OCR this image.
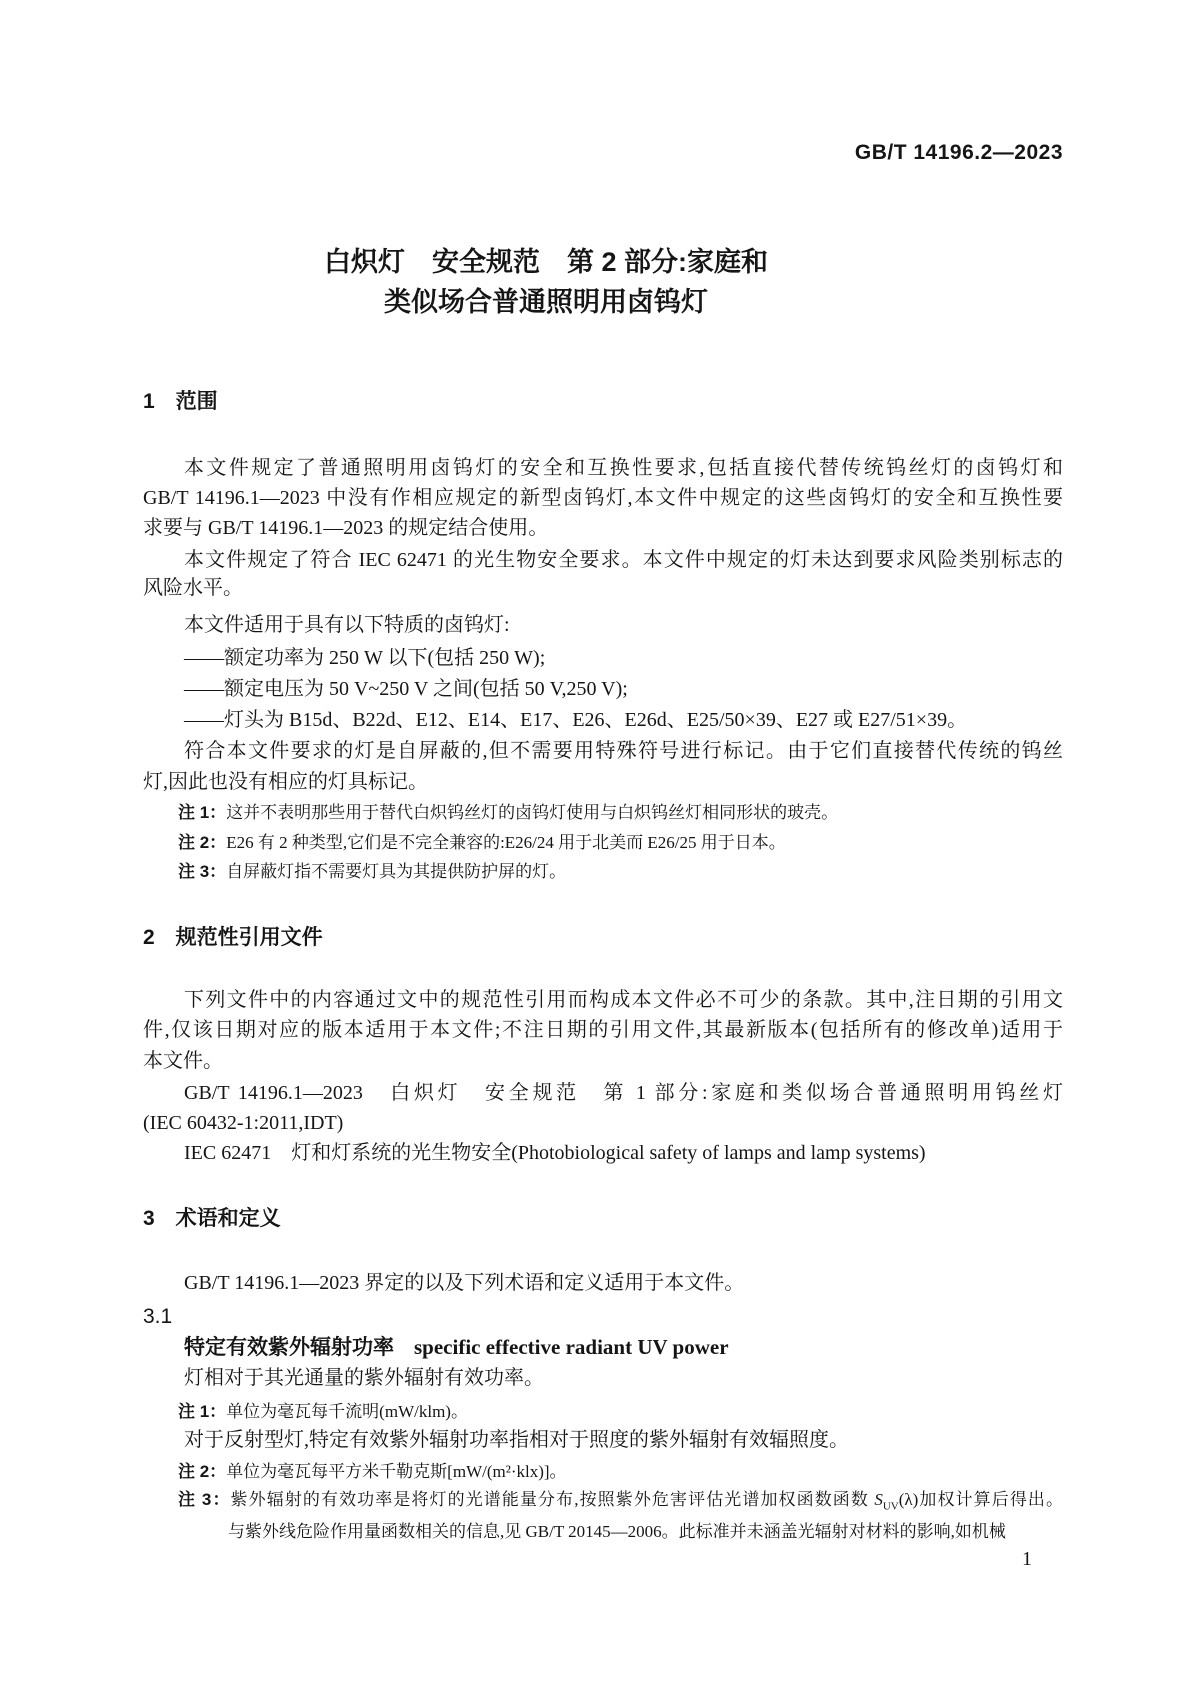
GB/T 14196.2—2023
白炽灯　安全规范　第 2 部分:家庭和
类似场合普通照明用卤钨灯
1　范围
本文件规定了普通照明用卤钨灯的安全和互换性要求,包括直接代替传统钨丝灯的卤钨灯和
GB/T 14196.1—2023 中没有作相应规定的新型卤钨灯,本文件中规定的这些卤钨灯的安全和互换性要
求要与 GB/T 14196.1—2023 的规定结合使用。
本文件规定了符合 IEC 62471 的光生物安全要求。本文件中规定的灯未达到要求风险类别标志的
风险水平。
本文件适用于具有以下特质的卤钨灯:
——额定功率为 250 W 以下(包括 250 W);
——额定电压为 50 V~250 V 之间(包括 50 V,250 V);
——灯头为 B15d、B22d、E12、E14、E17、E26、E26d、E25/50×39、E27 或 E27/51×39。
符合本文件要求的灯是自屏蔽的,但不需要用特殊符号进行标记。由于它们直接替代传统的钨丝
灯,因此也没有相应的灯具标记。
注 1：这并不表明那些用于替代白炽钨丝灯的卤钨灯使用与白炽钨丝灯相同形状的玻壳。
注 2：E26 有 2 种类型,它们是不完全兼容的:E26/24 用于北美而 E26/25 用于日本。
注 3：自屏蔽灯指不需要灯具为其提供防护屏的灯。
2　规范性引用文件
下列文件中的内容通过文中的规范性引用而构成本文件必不可少的条款。其中,注日期的引用文
件,仅该日期对应的版本适用于本文件;不注日期的引用文件,其最新版本(包括所有的修改单)适用于
本文件。
GB/T 14196.1—2023　白炽灯　安全规范　第 1 部分:家庭和类似场合普通照明用钨丝灯
(IEC 60432-1:2011,IDT)
IEC 62471　灯和灯系统的光生物安全(Photobiological safety of lamps and lamp systems)
3　术语和定义
GB/T 14196.1—2023 界定的以及下列术语和定义适用于本文件。
3.1
特定有效紫外辐射功率 specific effective radiant UV power
灯相对于其光通量的紫外辐射有效功率。
注 1：单位为毫瓦每千流明(mW/klm)。
对于反射型灯,特定有效紫外辐射功率指相对于照度的紫外辐射有效辐照度。
注 2：单位为毫瓦每平方米千勒克斯[mW/(m²·klx)]。
注 3：紫外辐射的有效功率是将灯的光谱能量分布,按照紫外危害评估光谱加权函数函数 $S_{UV}(\lambda)$加权计算后得出。
与紫外线危险作用量函数相关的信息,见 GB/T 20145—2006。此标准并未涵盖光辐射对材料的影响,如机械
1
